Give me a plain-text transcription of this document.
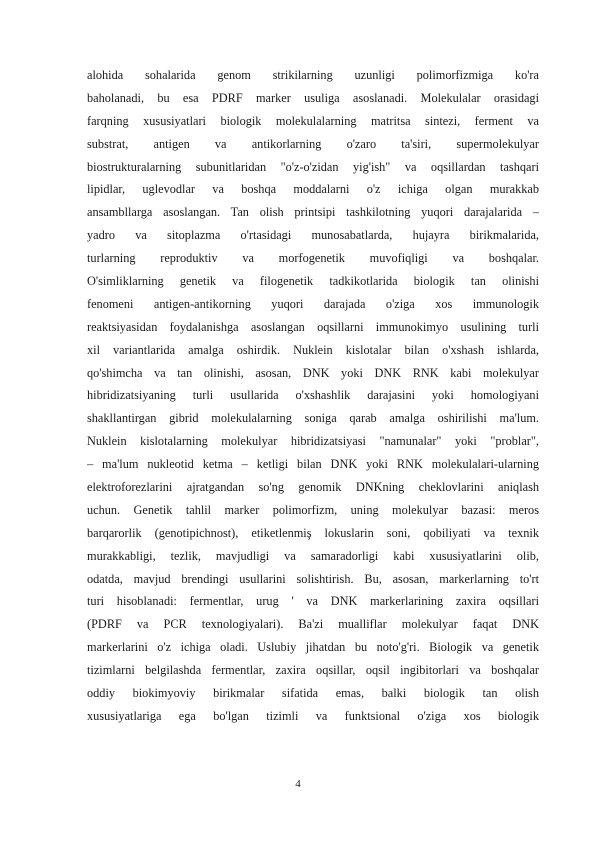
alohida sohalarida genom strikilarning uzunligi polimorfizmiga ko'ra
baholanadi, bu esa PDRF marker usuliga asoslanadi. Molekulalar orasidagi
farqning xususiyatlari biologik molekulalarning matritsa sintezi, ferment va
substrat, antigen va antikorlarning o'zaro ta'siri, supermolekulyar
biostrukturalarning subunitlaridan "o'z-o'zidan yig'ish" va oqsillardan tashqari
lipidlar, uglevodlar va boshqa moddalarni o'z ichiga olgan murakkab
ansambllarga asoslangan. Tan olish printsipi tashkilotning yuqori darajalarida –
yadro va sitoplazma o'rtasidagi munosabatlarda, hujayra birikmalarida,
turlarning reproduktiv va morfogenetik muvofiqligi va boshqalar.
O'simliklarning genetik va filogenetik tadkikotlarida biologik tan olinishi
fenomeni antigen-antikorning yuqori darajada o'ziga xos immunologik
reaktsiyasidan foydalanishga asoslangan oqsillarni immunokimyo usulining turli
xil variantlarida amalga oshirdik. Nuklein kislotalar bilan o'xshash ishlarda,
qo'shimcha va tan olinishi, asosan, DNK yoki DNK RNK kabi molekulyar
hibridizatsiyaning turli usullarida o'xshashlik darajasini yoki homologiyani
shakllantirgan gibrid molekulalarning soniga qarab amalga oshirilishi ma'lum.
Nuklein kislotalarning molekulyar hibridizatsiyasi "namunalar" yoki "problar",
– ma'lum nukleotid ketma – ketligi bilan DNK yoki RNK molekulalari-ularning
elektroforezlarini ajratgandan so'ng genomik DNKning cheklovlarini aniqlash
uchun. Genetik tahlil marker polimorfizm, uning molekulyar bazasi: meros
barqarorlik (genotipichnost), etiketlenmiş lokuslarin soni, qobiliyati va texnik
murakkabligi, tezlik, mavjudligi va samaradorligi kabi xususiyatlarini olib,
odatda, mavjud brendingi usullarini solishtirish. Bu, asosan, markerlarning to'rt
turi hisoblanadi: fermentlar, urug ' va DNK markerlarining zaxira oqsillari
(PDRF va PCR texnologiyalari). Ba'zi mualliflar molekulyar faqat DNK
markerlarini o'z ichiga oladi. Uslubiy jihatdan bu noto'g'ri. Biologik va genetik
tizimlarni belgilashda fermentlar, zaxira oqsillar, oqsil ingibitorlari va boshqalar
oddiy biokimyoviy birikmalar sifatida emas, balki biologik tan olish
xususiyatlariga ega bo'lgan tizimli va funktsional o'ziga xos biologik
4
